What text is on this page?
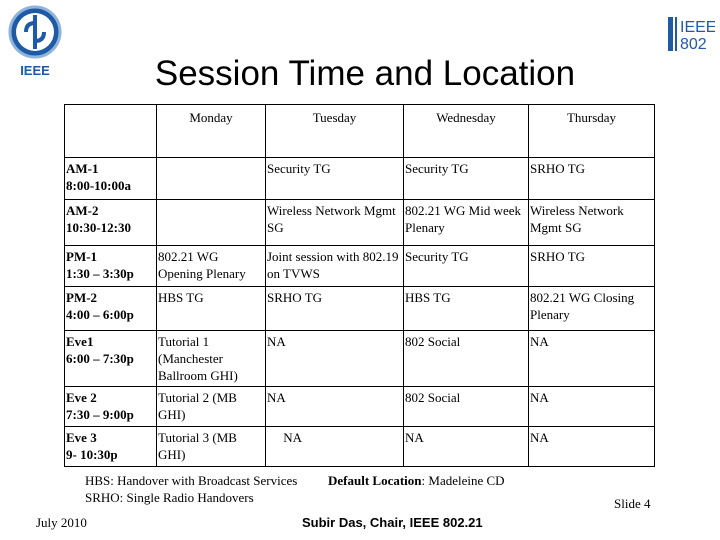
IEEE
IEEE
802
Session Time and Location
	Monday	Tuesday	Wednesday	Thursday
AM-1
8:00-10:00a		Security TG	Security TG	SRHO TG
AM-2
10:30-12:30		Wireless Network Mgmt SG	802.21 WG Mid week Plenary	Wireless Network Mgmt SG
PM-1
1:30 – 3:30p	802.21 WG Opening Plenary	Joint session with 802.19 on TVWS	Security TG	SRHO TG
PM-2
4:00 – 6:00p	HBS TG	SRHO TG	HBS TG	802.21 WG Closing Plenary
Eve1
6:00 – 7:30p	Tutorial 1 (Manchester Ballroom GHI)	NA	802 Social	NA
Eve 2
7:30 – 9:00p	Tutorial 2 (MB GHI)	NA	802 Social	NA
Eve 3
9- 10:30p	Tutorial 3 (MB GHI)	NA	NA	NA
HBS: Handover with Broadcast Services
SRHO: Single Radio Handovers
Default Location: Madeleine CD
July 2010	Subir Das, Chair, IEEE 802.21
Slide 4
